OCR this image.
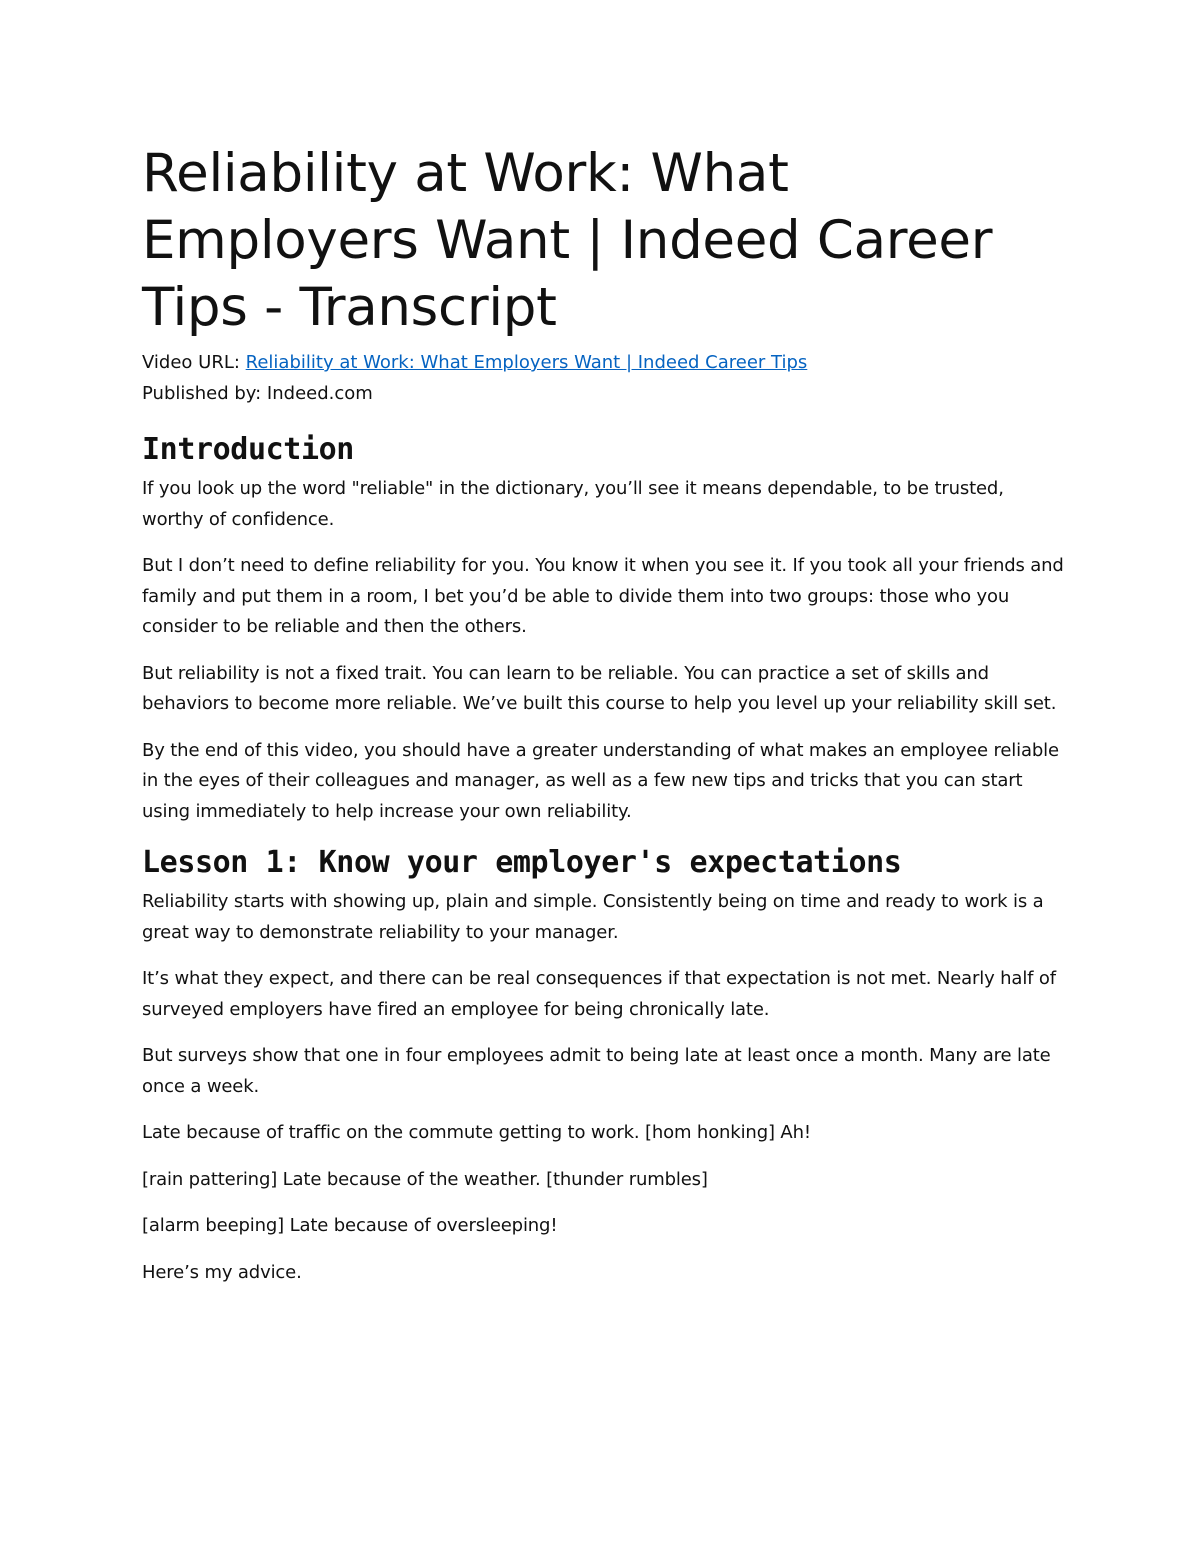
Reliability at Work: What Employers Want | Indeed Career Tips - Transcript

Video URL: Reliability at Work: What Employers Want | Indeed Career Tips

Published by: Indeed.com

Introduction

If you look up the word "reliable" in the dictionary, you’ll see it means dependable, to be trusted, worthy of confidence.

But I don’t need to define reliability for you. You know it when you see it. If you took all your friends and family and put them in a room, I bet you’d be able to divide them into two groups: those who you consider to be reliable and then the others.

But reliability is not a fixed trait. You can learn to be reliable. You can practice a set of skills and behaviors to become more reliable. We’ve built this course to help you level up your reliability skill set.

By the end of this video, you should have a greater understanding of what makes an employee reliable in the eyes of their colleagues and manager, as well as a few new tips and tricks that you can start using immediately to help increase your own reliability.

Lesson 1: Know your employer's expectations

Reliability starts with showing up, plain and simple. Consistently being on time and ready to work is a great way to demonstrate reliability to your manager.

It’s what they expect, and there can be real consequences if that expectation is not met. Nearly half of surveyed employers have fired an employee for being chronically late.

But surveys show that one in four employees admit to being late at least once a month. Many are late once a week.

Late because of traffic on the commute getting to work. [hom honking] Ah!

[rain pattering] Late because of the weather. [thunder rumbles]

[alarm beeping] Late because of oversleeping!

Here’s my advice.
